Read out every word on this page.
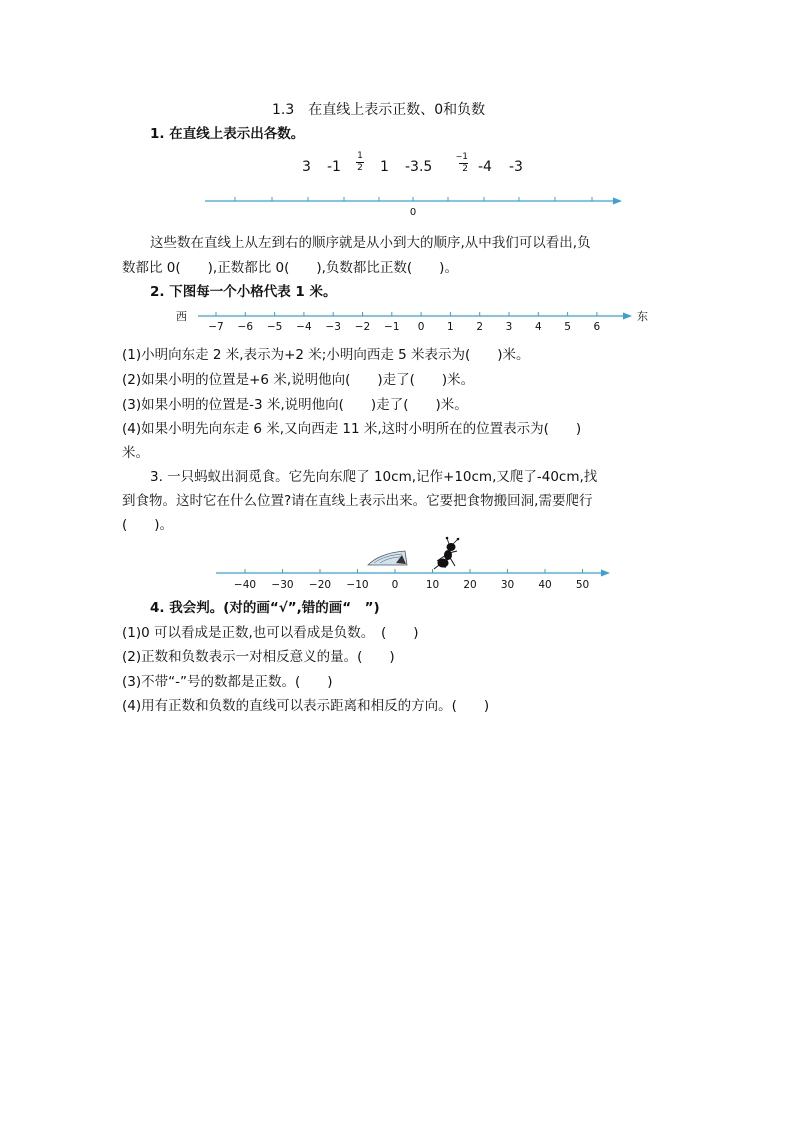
1.3　在直线上表示正数、0和负数
1. 在直线上表示出各数。
3 -1
1
2 1 -3.5
−1
2 -4 -3
0
这些数在直线上从左到右的顺序就是从小到大的顺序,从中我们可以看出,负
数都比 0(　　),正数都比 0(　　),负数都比正数(　　)。
2. 下图每一个小格代表 1 米。
西	东
−7 −6 −5 −4 −3 −2 −1 0 1 2 3 4 5 6
(1)小明向东走 2 米,表示为+2 米;小明向西走 5 米表示为(　　)米。
(2)如果小明的位置是+6 米,说明他向(　　)走了(　　)米。
(3)如果小明的位置是-3 米,说明他向(　　)走了(　　)米。
(4)如果小明先向东走 6 米,又向西走 11 米,这时小明所在的位置表示为(　　)
米。
3. 一只蚂蚁出洞觅食。它先向东爬了 10cm,记作+10cm,又爬了-40cm,找
到食物。这时它在什么位置?请在直线上表示出来。它要把食物搬回洞,需要爬行
(　　)。
−40 −30 −20 −10 0	10 20 30 40 50
4. 我会判。(对的画“√”,错的画“　”)
(1)0 可以看成是正数,也可以看成是负数。　(　　)
(2)正数和负数表示一对相反意义的量。(　　)
(3)不带“-”号的数都是正数。(　　)
(4)用有正数和负数的直线可以表示距离和相反的方向。(　　)
